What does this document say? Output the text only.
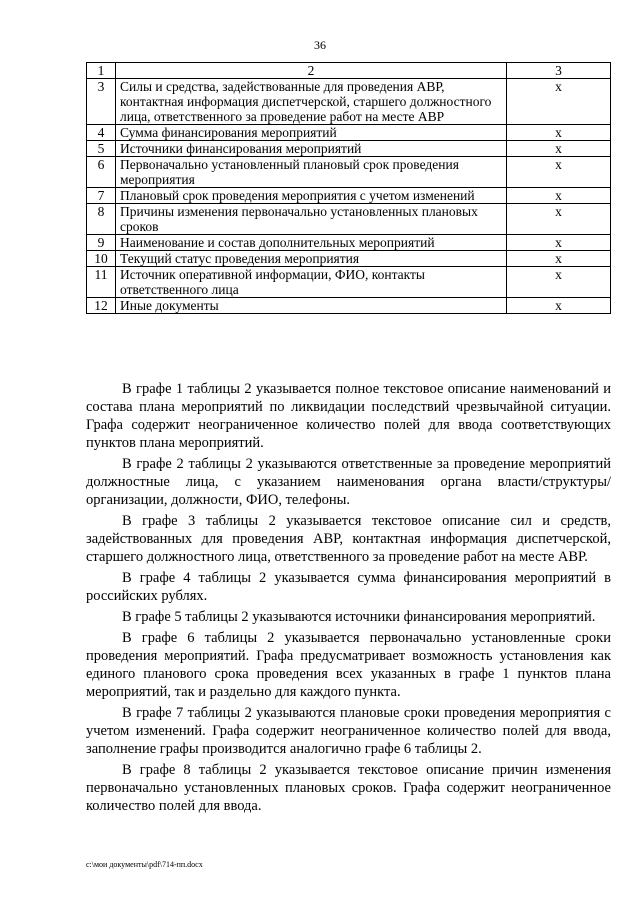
36
1	2	3
3	Силы и средства, задействованные для проведения АВР, контактная информация диспетчерской, старшего должностного лица, ответственного за проведение работ на месте АВР	х
4	Сумма финансирования мероприятий	х
5	Источники финансирования мероприятий	х
6	Первоначально установленный плановый срок проведения мероприятия	х
7	Плановый срок проведения мероприятия с учетом изменений	х
8	Причины изменения первоначально установленных плановых сроков	х
9	Наименование и состав дополнительных мероприятий	х
10	Текущий статус проведения мероприятия	х
11	Источник оперативной информации, ФИО, контакты ответственного лица	х
12	Иные документы	х

В графе 1 таблицы 2 указывается полное текстовое описание наименований и состава плана мероприятий по ликвидации последствий чрезвычайной ситуации. Графа содержит неограниченное количество полей для ввода соответствующих пунктов плана мероприятий.

В графе 2 таблицы 2 указываются ответственные за проведение мероприятий должностные лица, с указанием наименования органа власти/структуры/организации, должности, ФИО, телефоны.

В графе 3 таблицы 2 указывается текстовое описание сил и средств, задействованных для проведения АВР, контактная информация диспетчерской, старшего должностного лица, ответственного за проведение работ на месте АВР.

В графе 4 таблицы 2 указывается сумма финансирования мероприятий в российских рублях.

В графе 5 таблицы 2 указываются источники финансирования мероприятий.

В графе 6 таблицы 2 указывается первоначально установленные сроки проведения мероприятий. Графа предусматривает возможность установления как единого планового срока проведения всех указанных в графе 1 пунктов плана мероприятий, так и раздельно для каждого пункта.

В графе 7 таблицы 2 указываются плановые сроки проведения мероприятия с учетом изменений. Графа содержит неограниченное количество полей для ввода, заполнение графы производится аналогично графе 6 таблицы 2.

В графе 8 таблицы 2 указывается текстовое описание причин изменения первоначально установленных плановых сроков. Графа содержит неограниченное количество полей для ввода.

c:\мои документы\pdf\714-пп.docx
